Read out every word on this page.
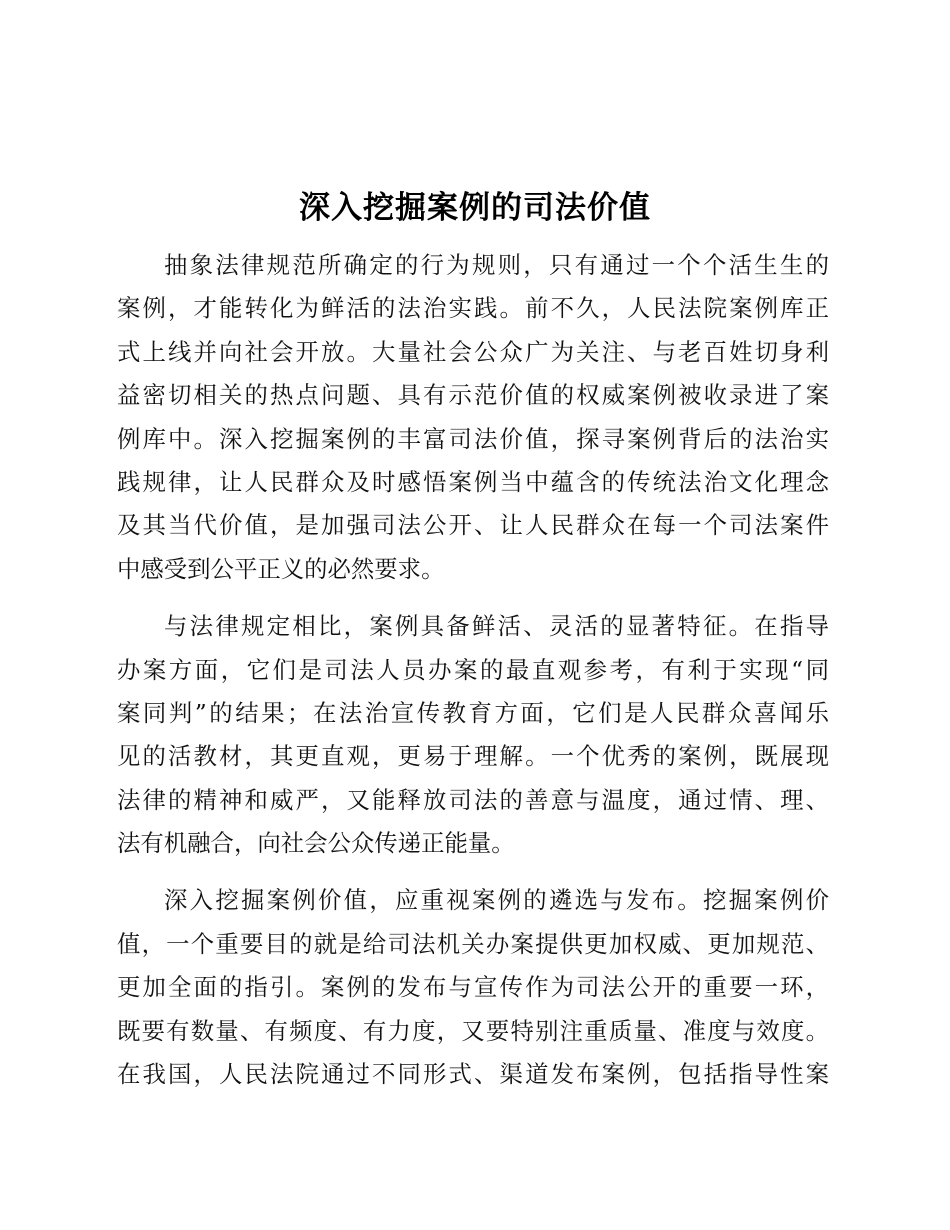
深入挖掘案例的司法价值

抽象法律规范所确定的行为规则，只有通过一个个活生生的
案例，才能转化为鲜活的法治实践。前不久，人民法院案例库正
式上线并向社会开放。大量社会公众广为关注、与老百姓切身利
益密切相关的热点问题、具有示范价值的权威案例被收录进了案
例库中。深入挖掘案例的丰富司法价值，探寻案例背后的法治实
践规律，让人民群众及时感悟案例当中蕴含的传统法治文化理念
及其当代价值，是加强司法公开、让人民群众在每一个司法案件
中感受到公平正义的必然要求。

与法律规定相比，案例具备鲜活、灵活的显著特征。在指导
办案方面，它们是司法人员办案的最直观参考，有利于实现“同
案同判”的结果；在法治宣传教育方面，它们是人民群众喜闻乐
见的活教材，其更直观，更易于理解。一个优秀的案例，既展现
法律的精神和威严，又能释放司法的善意与温度，通过情、理、
法有机融合，向社会公众传递正能量。

深入挖掘案例价值，应重视案例的遴选与发布。挖掘案例价
值，一个重要目的就是给司法机关办案提供更加权威、更加规范、
更加全面的指引。案例的发布与宣传作为司法公开的重要一环，
既要有数量、有频度、有力度，又要特别注重质量、准度与效度。
在我国，人民法院通过不同形式、渠道发布案例，包括指导性案
